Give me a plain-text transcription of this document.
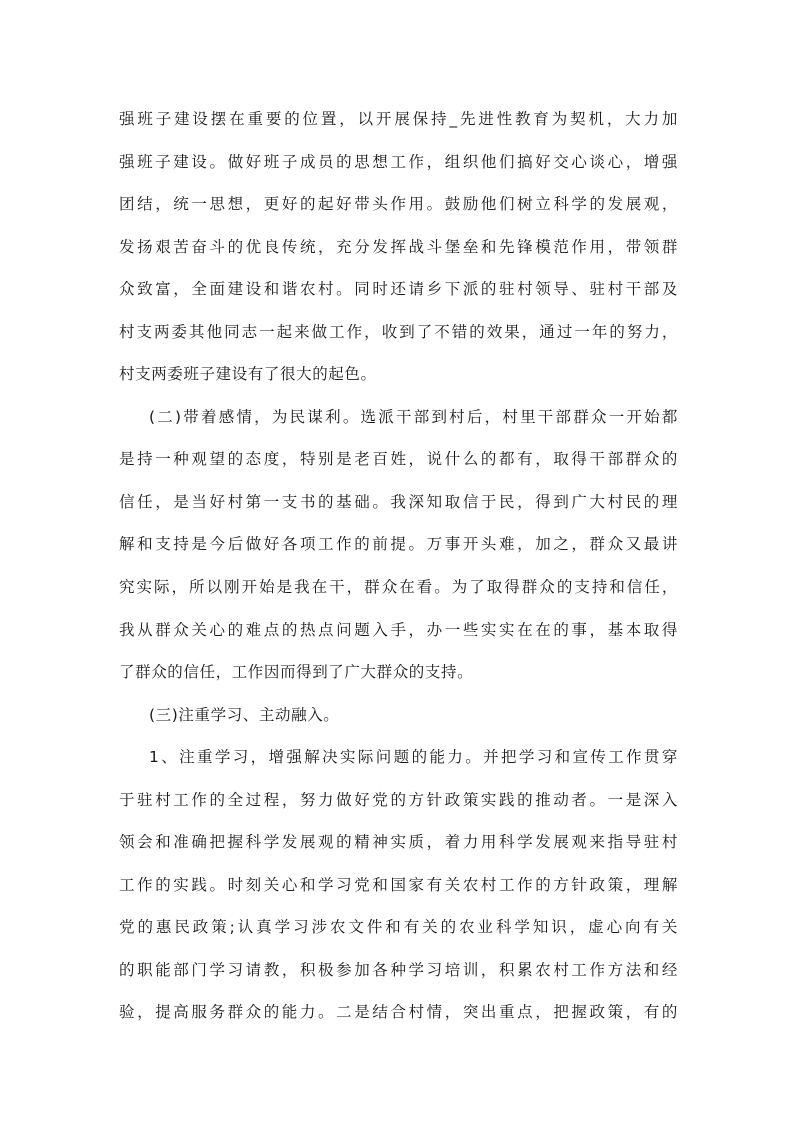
强班子建设摆在重要的位置，以开展保持_先进性教育为契机，大力加
强班子建设。做好班子成员的思想工作，组织他们搞好交心谈心，增强
团结，统一思想，更好的起好带头作用。鼓励他们树立科学的发展观，
发扬艰苦奋斗的优良传统，充分发挥战斗堡垒和先锋模范作用，带领群
众致富，全面建设和谐农村。同时还请乡下派的驻村领导、驻村干部及
村支两委其他同志一起来做工作，收到了不错的效果，通过一年的努力，
村支两委班子建设有了很大的起色。
(二)带着感情，为民谋利。选派干部到村后，村里干部群众一开始都
是持一种观望的态度，特别是老百姓，说什么的都有，取得干部群众的
信任，是当好村第一支书的基础。我深知取信于民，得到广大村民的理
解和支持是今后做好各项工作的前提。万事开头难，加之，群众又最讲
究实际，所以刚开始是我在干，群众在看。为了取得群众的支持和信任，
我从群众关心的难点的热点问题入手，办一些实实在在的事，基本取得
了群众的信任，工作因而得到了广大群众的支持。
(三)注重学习、主动融入。
1、注重学习，增强解决实际问题的能力。并把学习和宣传工作贯穿
于驻村工作的全过程，努力做好党的方针政策实践的推动者。一是深入
领会和准确把握科学发展观的精神实质，着力用科学发展观来指导驻村
工作的实践。时刻关心和学习党和国家有关农村工作的方针政策，理解
党的惠民政策;认真学习涉农文件和有关的农业科学知识，虚心向有关
的职能部门学习请教，积极参加各种学习培训，积累农村工作方法和经
验，提高服务群众的能力。二是结合村情，突出重点，把握政策，有的
